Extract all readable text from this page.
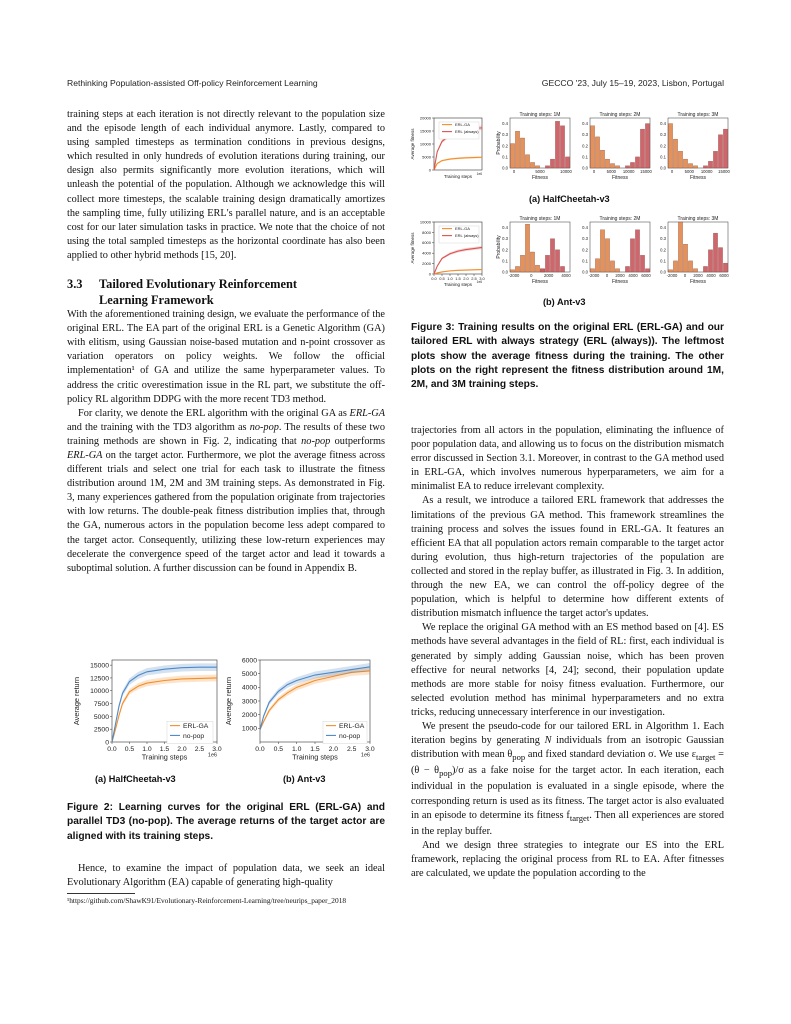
Rethinking Population-assisted Off-policy Reinforcement Learning	GECCO '23, July 15–19, 2023, Lisbon, Portugal

training steps at each iteration is not directly relevant to the population size and the episode length of each individual anymore. Lastly, compared to using sampled timesteps as termination conditions in previous designs, which resulted in only hundreds of evolution iterations during training, our design also permits significantly more evolution iterations, which will unleash the potential of the population. Although we acknowledge this will collect more timesteps, the scalable training design dramatically amortizes the sampling time, fully utilizing ERL's parallel nature, and is an acceptable cost for our later simulation tasks in practice. We note that the choice of not using the total sampled timesteps as the horizontal coordinate has also been applied to other hybrid methods [15, 20].

3.3 Tailored Evolutionary Reinforcement
Learning Framework

With the aforementioned training design, we evaluate the performance of the original ERL. The EA part of the original ERL is a Genetic Algorithm (GA) with elitism, using Gaussian noise-based mutation and n-point crossover as variation operators on policy weights. We follow the official implementation¹ of GA and utilize the same hyperparameter values. To address the critic overestimation issue in the RL part, we substitute the off-policy RL algorithm DDPG with the more recent TD3 method.

For clarity, we denote the ERL algorithm with the original GA as ERL-GA and the training with the TD3 algorithm as no-pop. The results of these two training methods are shown in Fig. 2, indicating that no-pop outperforms ERL-GA on the target actor. Furthermore, we plot the average fitness across different trials and select one trial for each task to illustrate the fitness distribution around 1M, 2M and 3M training steps. As demonstrated in Fig. 3, many experiences gathered from the population originate from trajectories with low returns. The double-peak fitness distribution implies that, through the GA, numerous actors in the population become less adept compared to the target actor. Consequently, utilizing these low-return experiences may decelerate the convergence speed of the target actor and lead it towards a suboptimal solution. A further discussion can be found in Appendix B.

0
2500
5000
7500
10000
12500
15000
0.0 0.5 1.0 1.5 2.0 2.5 3.0
Training steps	1e6
Average return
ERL-GA
no-pop
1000
2000
3000
4000
5000
6000
0.0 0.5 1.0 1.5 2.0 2.5 3.0
Training steps	1e6
Average return
ERL-GA
no-pop
(a) HalfCheetah-v3	(b) Ant-v3
Figure 2: Learning curves for the original ERL (ERL-GA) and parallel TD3 (no-pop). The average returns of the target actor are aligned with its training steps.

Hence, to examine the impact of population data, we seek an ideal Evolutionary Algorithm (EA) capable of generating high-quality

¹https://github.com/ShawK91/Evolutionary-Reinforcement-Learning/tree/neurips_paper_2018
0
5000
10000
15000
20000
Training steps 1e6
Average fitness
ERL-GA
ERL (always)
Training steps: 1M
0.0
0.1
0.2
0.3
0.4
0	5000	10000
Fitness
Probability
Training steps: 2M
0.0
0.1
0.2
0.3
0.4
0	5000 10000 15000
Fitness
Training steps: 3M
0.0
0.1
0.2
0.3
0.4
0	5000 10000 15000
Fitness
(a) HalfCheetah-v3
0
2000
4000
6000
8000
10000
0.0 0.5 1.0 1.5 2.0 2.5 3.0
Training steps 1e6
Average fitness
ERL-GA
ERL (always)
Training steps: 1M
0.0
0.1
0.2
0.3
0.4
-2000	0	2000 4000
Fitness
Probability
Training steps: 2M
0.0
0.1
0.2
0.3
0.4
-2000 0 2000 4000 6000
Fitness
Training steps: 3M
0.0
0.1
0.2
0.3
0.4
-2000 0 2000 4000 6000
Fitness
(b) Ant-v3
Figure 3: Training results on the original ERL (ERL-GA) and our tailored ERL with always strategy (ERL (always)). The leftmost plots show the average fitness during the training. The other plots on the right represent the fitness distribution around 1M, 2M, and 3M training steps.

trajectories from all actors in the population, eliminating the influence of poor population data, and allowing us to focus on the distribution mismatch error discussed in Section 3.1. Moreover, in contrast to the GA method used in ERL-GA, which involves numerous hyperparameters, we aim for a minimalist EA to reduce irrelevant complexity.

As a result, we introduce a tailored ERL framework that addresses the limitations of the previous GA method. This framework streamlines the training process and solves the issues found in ERL-GA. It features an efficient EA that all population actors remain comparable to the target actor during evolution, thus high-return trajectories of the population are collected and stored in the replay buffer, as illustrated in Fig. 3. In addition, through the new EA, we can control the off-policy degree of the population, which is helpful to determine how different extents of distribution mismatch influence the target actor's updates.

We replace the original GA method with an ES method based on [4]. ES methods have several advantages in the field of RL: first, each individual is generated by simply adding Gaussian noise, which has been proven effective for neural networks [4, 24]; second, their population update methods are more stable for noisy fitness evaluation. Furthermore, our selected evolution method has minimal hyperparameters and no extra tricks, reducing unnecessary interference in our investigation.

We present the pseudo-code for our tailored ERL in Algorithm 1. Each iteration begins by generating N individuals from an isotropic Gaussian distribution with mean $\theta_{pop}$ and fixed standard deviation σ. We use $\varepsilon_{target} = (\theta - \theta_{pop})/\sigma$ as a fake noise for the target actor. In each iteration, each individual in the population is evaluated in a single episode, where the corresponding return is used as its fitness. The target actor is also evaluated in an episode to determine its fitness $f_{target}$. Then all experiences are stored in the replay buffer.

And we design three strategies to integrate our ES into the ERL framework, replacing the original process from RL to EA. After fitnesses are calculated, we update the population according to the
